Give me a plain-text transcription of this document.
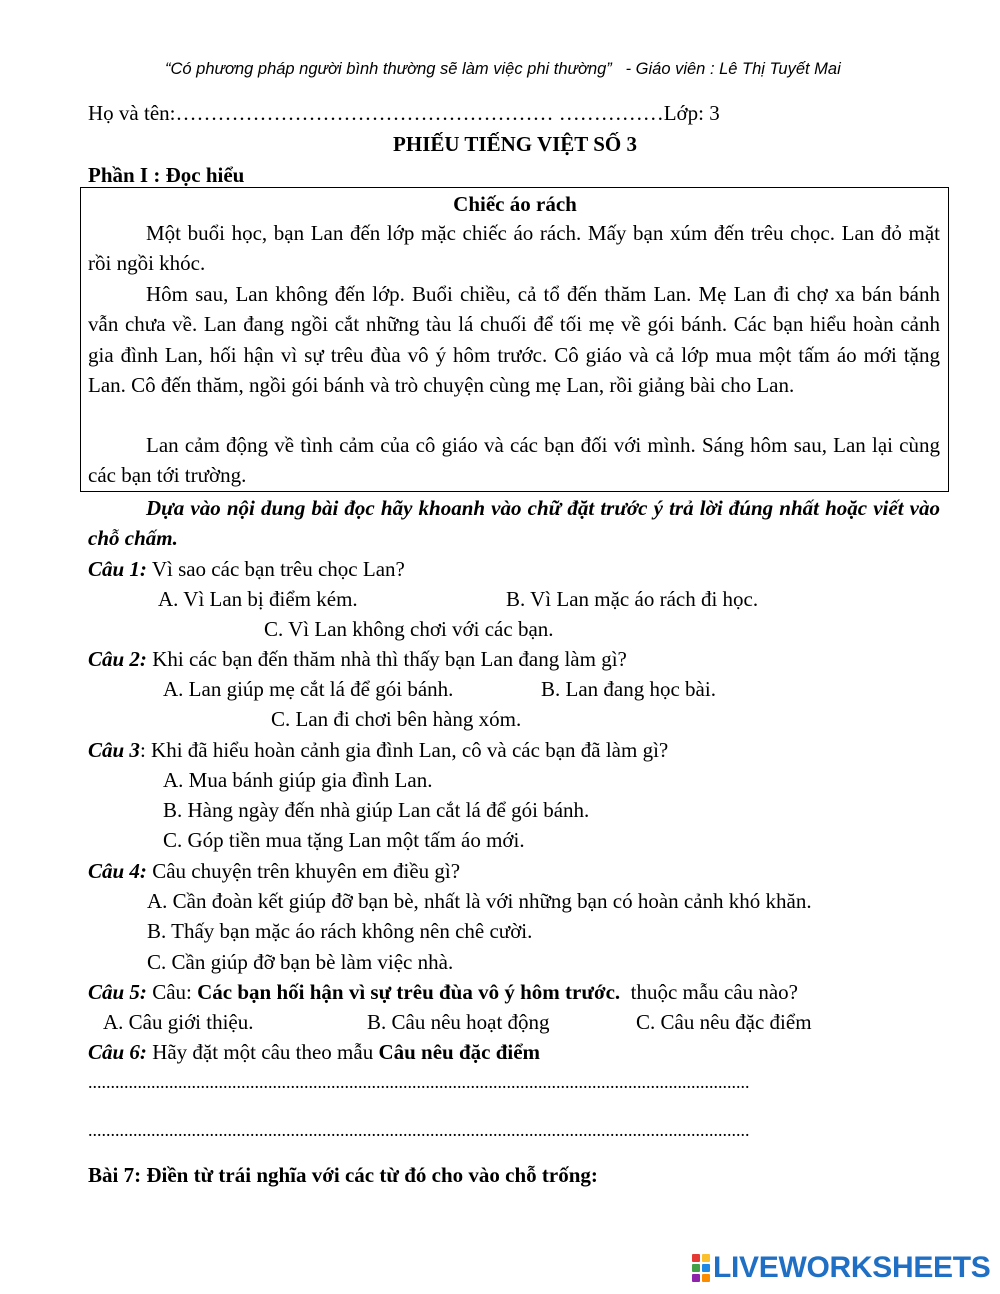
“Có phương pháp người bình thường sẽ làm việc phi thường” - Giáo viên : Lê Thị Tuyết Mai
Họ và tên:……………………………………………… ……………Lớp: 3
PHIẾU TIẾNG VIỆT SỐ 3
Phần I : Đọc hiểu
Chiếc áo rách
Một buổi học, bạn Lan đến lớp mặc chiếc áo rách. Mấy bạn xúm đến trêu chọc. Lan đỏ mặt rồi ngồi khóc.
Hôm sau, Lan không đến lớp. Buổi chiều, cả tổ đến thăm Lan. Mẹ Lan đi chợ xa bán bánh vẫn chưa về. Lan đang ngồi cắt những tàu lá chuối để tối mẹ về gói bánh. Các bạn hiểu hoàn cảnh gia đình Lan, hối hận vì sự trêu đùa vô ý hôm trước. Cô giáo và cả lớp mua một tấm áo mới tặng Lan. Cô đến thăm, ngồi gói bánh và trò chuyện cùng mẹ Lan, rồi giảng bài cho Lan.
Lan cảm động về tình cảm của cô giáo và các bạn đối với mình. Sáng hôm sau, Lan lại cùng các bạn tới trường.
Dựa vào nội dung bài đọc hãy khoanh vào chữ đặt trước ý trả lời đúng nhất hoặc viết vào chỗ chấm.
Câu 1: Vì sao các bạn trêu chọc Lan?
A. Vì Lan bị điểm kém.	B. Vì Lan mặc áo rách đi học.
C. Vì Lan không chơi với các bạn.
Câu 2: Khi các bạn đến thăm nhà thì thấy bạn Lan đang làm gì?
A. Lan giúp mẹ cắt lá để gói bánh.	B. Lan đang học bài.
C. Lan đi chơi bên hàng xóm.
Câu 3: Khi đã hiểu hoàn cảnh gia đình Lan, cô và các bạn đã làm gì?
A. Mua bánh giúp gia đình Lan.
B. Hàng ngày đến nhà giúp Lan cắt lá để gói bánh.
C. Góp tiền mua tặng Lan một tấm áo mới.
Câu 4: Câu chuyện trên khuyên em điều gì?
A. Cần đoàn kết giúp đỡ bạn bè, nhất là với những bạn có hoàn cảnh khó khăn.
B. Thấy bạn mặc áo rách không nên chê cười.
C. Cần giúp đỡ bạn bè làm việc nhà.
Câu 5: Câu: Các bạn hối hận vì sự trêu đùa vô ý hôm trước. thuộc mẫu câu nào?
A. Câu giới thiệu.	B. Câu nêu hoạt động	C. Câu nêu đặc điểm
Câu 6: Hãy đặt một câu theo mẫu Câu nêu đặc điểm
...................................................................................................................................................
...................................................................................................................................................
Bài 7: Điền từ trái nghĩa với các từ đó cho vào chỗ trống:
LIVEWORKSHEETS
